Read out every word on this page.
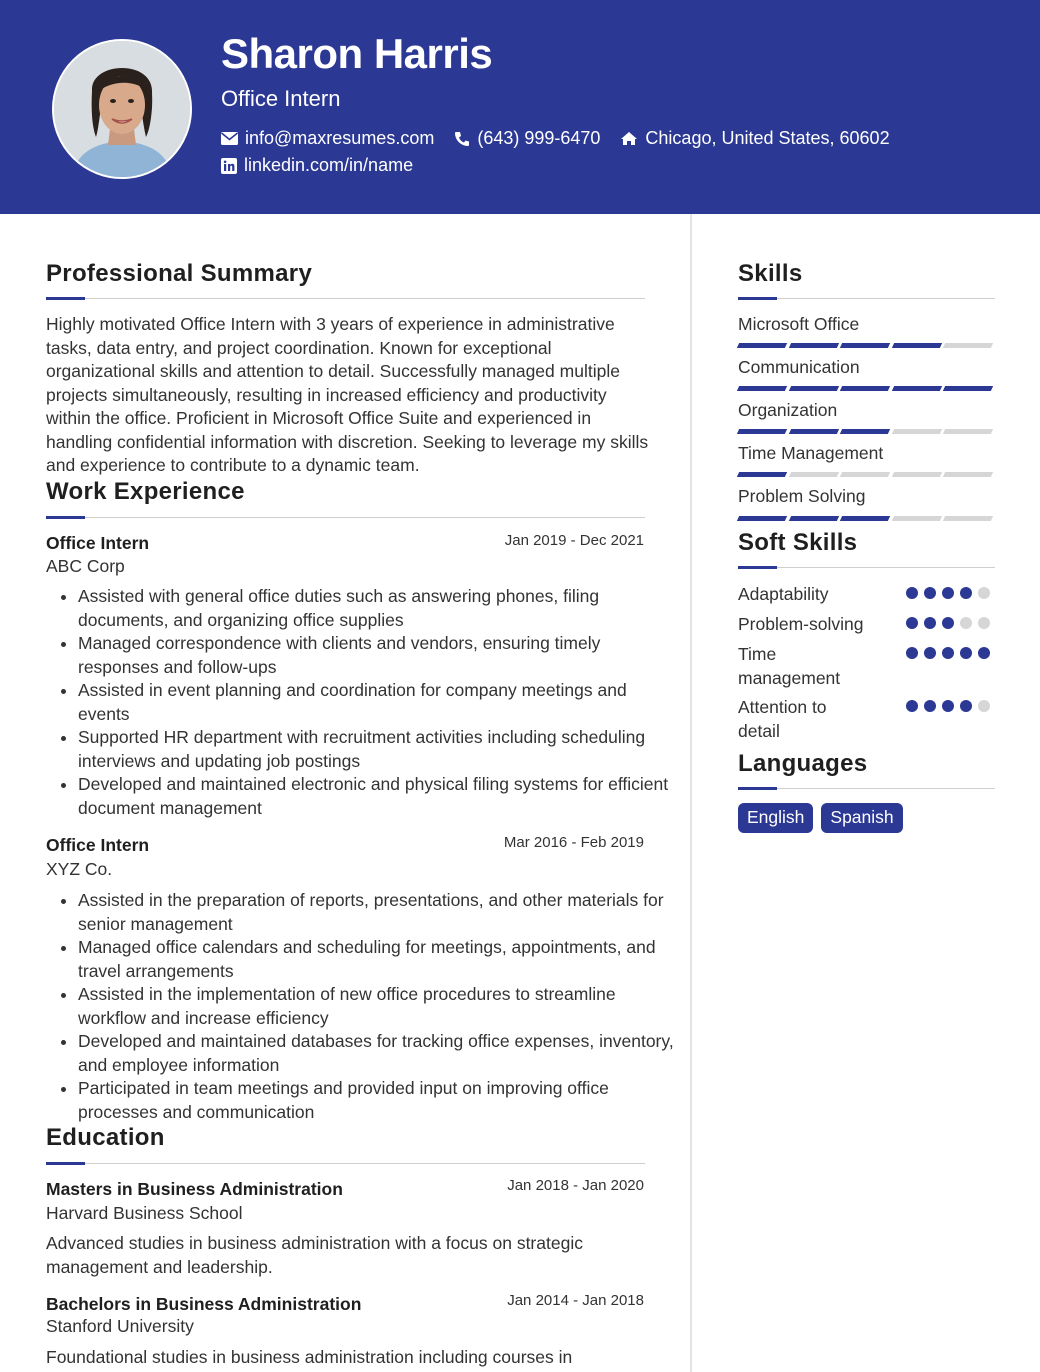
Sharon Harris
Office Intern
info@maxresumes.com (643) 999-6470	Chicago, United States, 60602
linkedin.com/in/name
Professional Summary
Highly motivated Office Intern with 3 years of experience in administrative tasks, data entry, and project coordination. Known for exceptional organizational skills and attention to detail. Successfully managed multiple projects simultaneously, resulting in increased efficiency and productivity within the office. Proficient in Microsoft Office Suite and experienced in handling confidential information with discretion. Seeking to leverage my skills and experience to contribute to a dynamic team.
Work Experience
Office Intern	Jan 2019 - Dec 2021
ABC Corp
• Assisted with general office duties such as answering phones, filing documents, and organizing office supplies
• Managed correspondence with clients and vendors, ensuring timely responses and follow-ups
• Assisted in event planning and coordination for company meetings and events
• Supported HR department with recruitment activities including scheduling interviews and updating job postings
• Developed and maintained electronic and physical filing systems for efficient document management
Office Intern	Mar 2016 - Feb 2019
XYZ Co.
• Assisted in the preparation of reports, presentations, and other materials for senior management
• Managed office calendars and scheduling for meetings, appointments, and travel arrangements
• Assisted in the implementation of new office procedures to streamline workflow and increase efficiency
• Developed and maintained databases for tracking office expenses, inventory, and employee information
• Participated in team meetings and provided input on improving office processes and communication
Education
Masters in Business Administration	Jan 2018 - Jan 2020
Harvard Business School
Advanced studies in business administration with a focus on strategic management and leadership.
Bachelors in Business Administration	Jan 2014 - Jan 2018
Stanford University
Foundational studies in business administration including courses in
Skills
Microsoft Office
Communication
Organization
Time Management
Problem Solving
Soft Skills
Adaptability
Problem-solving
Time management
Attention to detail
Languages
English	Spanish
